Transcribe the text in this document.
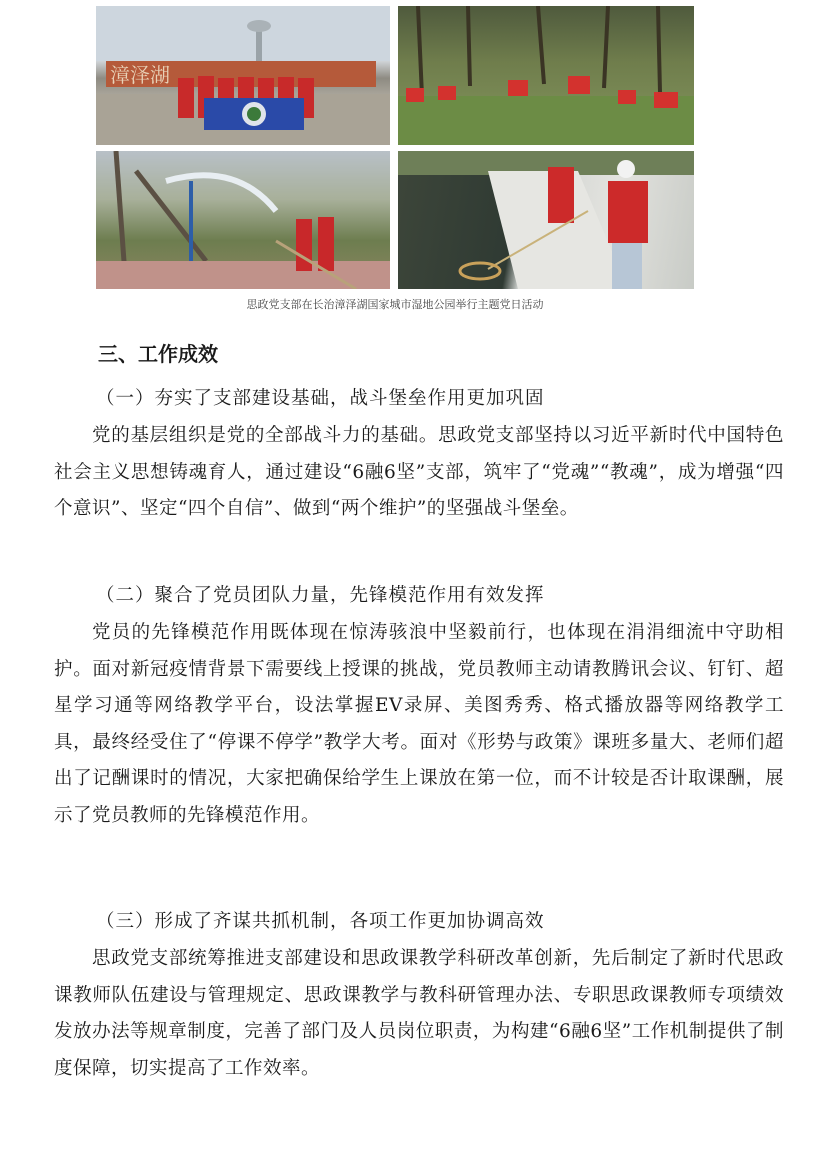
漳泽湖
思政党支部在长治漳泽湖国家城市湿地公园举行主题党日活动
三、工作成效
（一）夯实了支部建设基础，战斗堡垒作用更加巩固
党的基层组织是党的全部战斗力的基础。思政党支部坚持以习近平新时代中国特色社会主义思想铸魂育人，通过建设“6融6坚”支部，筑牢了“党魂”“教魂”，成为增强“四个意识”、坚定“四个自信”、做到“两个维护”的坚强战斗堡垒。
（二）聚合了党员团队力量，先锋模范作用有效发挥
党员的先锋模范作用既体现在惊涛骇浪中坚毅前行，也体现在涓涓细流中守助相护。面对新冠疫情背景下需要线上授课的挑战，党员教师主动请教腾讯会议、钉钉、超星学习通等网络教学平台，设法掌握EV录屏、美图秀秀、格式播放器等网络教学工具，最终经受住了“停课不停学”教学大考。面对《形势与政策》课班多量大、老师们超出了记酬课时的情况，大家把确保给学生上课放在第一位，而不计较是否计取课酬，展示了党员教师的先锋模范作用。
（三）形成了齐谋共抓机制，各项工作更加协调高效
思政党支部统筹推进支部建设和思政课教学科研改革创新，先后制定了新时代思政课教师队伍建设与管理规定、思政课教学与教科研管理办法、专职思政课教师专项绩效发放办法等规章制度，完善了部门及人员岗位职责，为构建“6融6坚”工作机制提供了制度保障，切实提高了工作效率。
